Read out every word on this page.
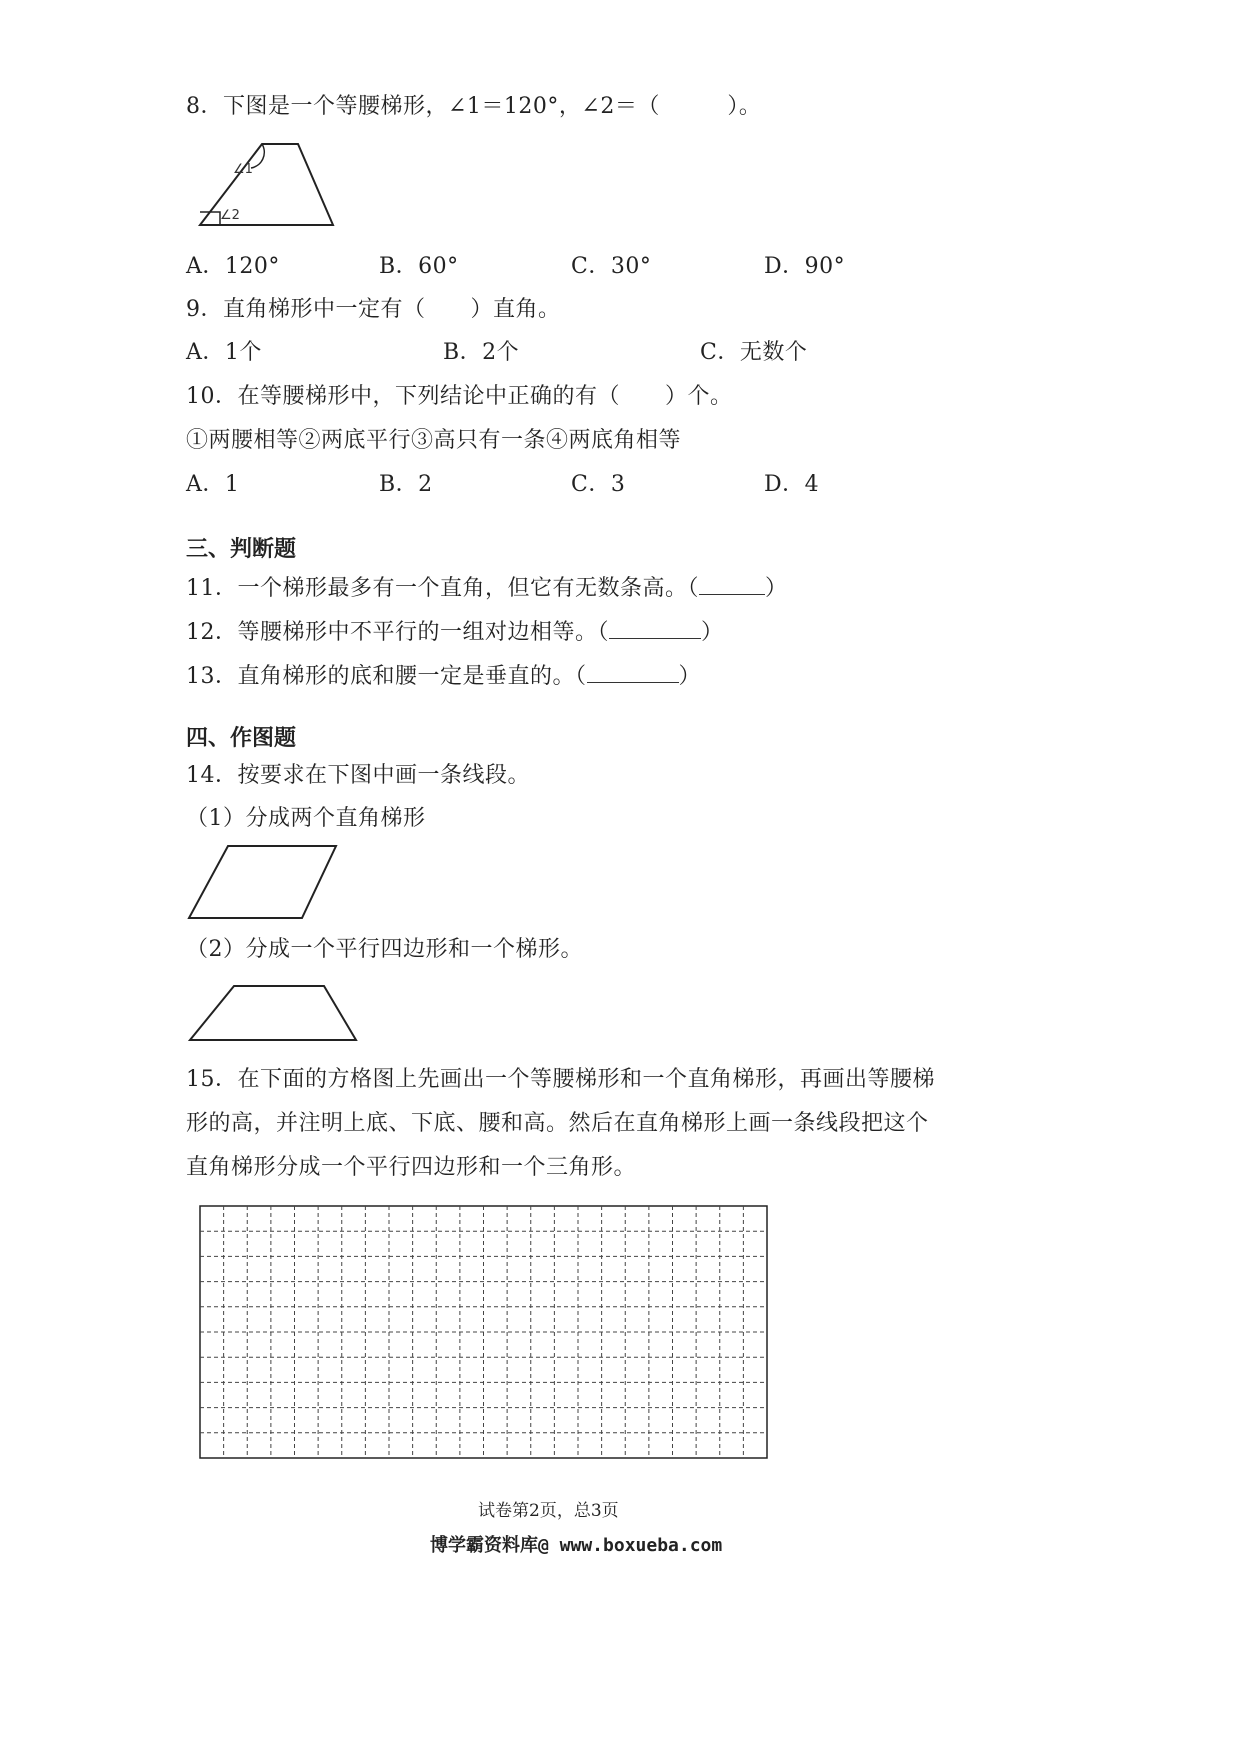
8．下图是一个等腰梯形，∠1＝120°，∠2＝（　　　）。
∠1
∠2
A．120°	B．60°	C．30°	D．90°
9．直角梯形中一定有（　　）直角。
A．1个	B．2个	C．无数个
10．在等腰梯形中，下列结论中正确的有（　　）个。
①两腰相等②两底平行③高只有一条④两底角相等
A．1	B．2	C．3	D．4
三、判断题
11．一个梯形最多有一个直角，但它有无数条高。（	）
12．等腰梯形中不平行的一组对边相等。（	）
13．直角梯形的底和腰一定是垂直的。（	）
四、作图题
14．按要求在下图中画一条线段。
（1）分成两个直角梯形
（2）分成一个平行四边形和一个梯形。
15．在下面的方格图上先画出一个等腰梯形和一个直角梯形，再画出等腰梯
形的高，并注明上底、下底、腰和高。然后在直角梯形上画一条线段把这个
直角梯形分成一个平行四边形和一个三角形。
试卷第2页，总3页
博学霸资料库@ www.boxueba.com
